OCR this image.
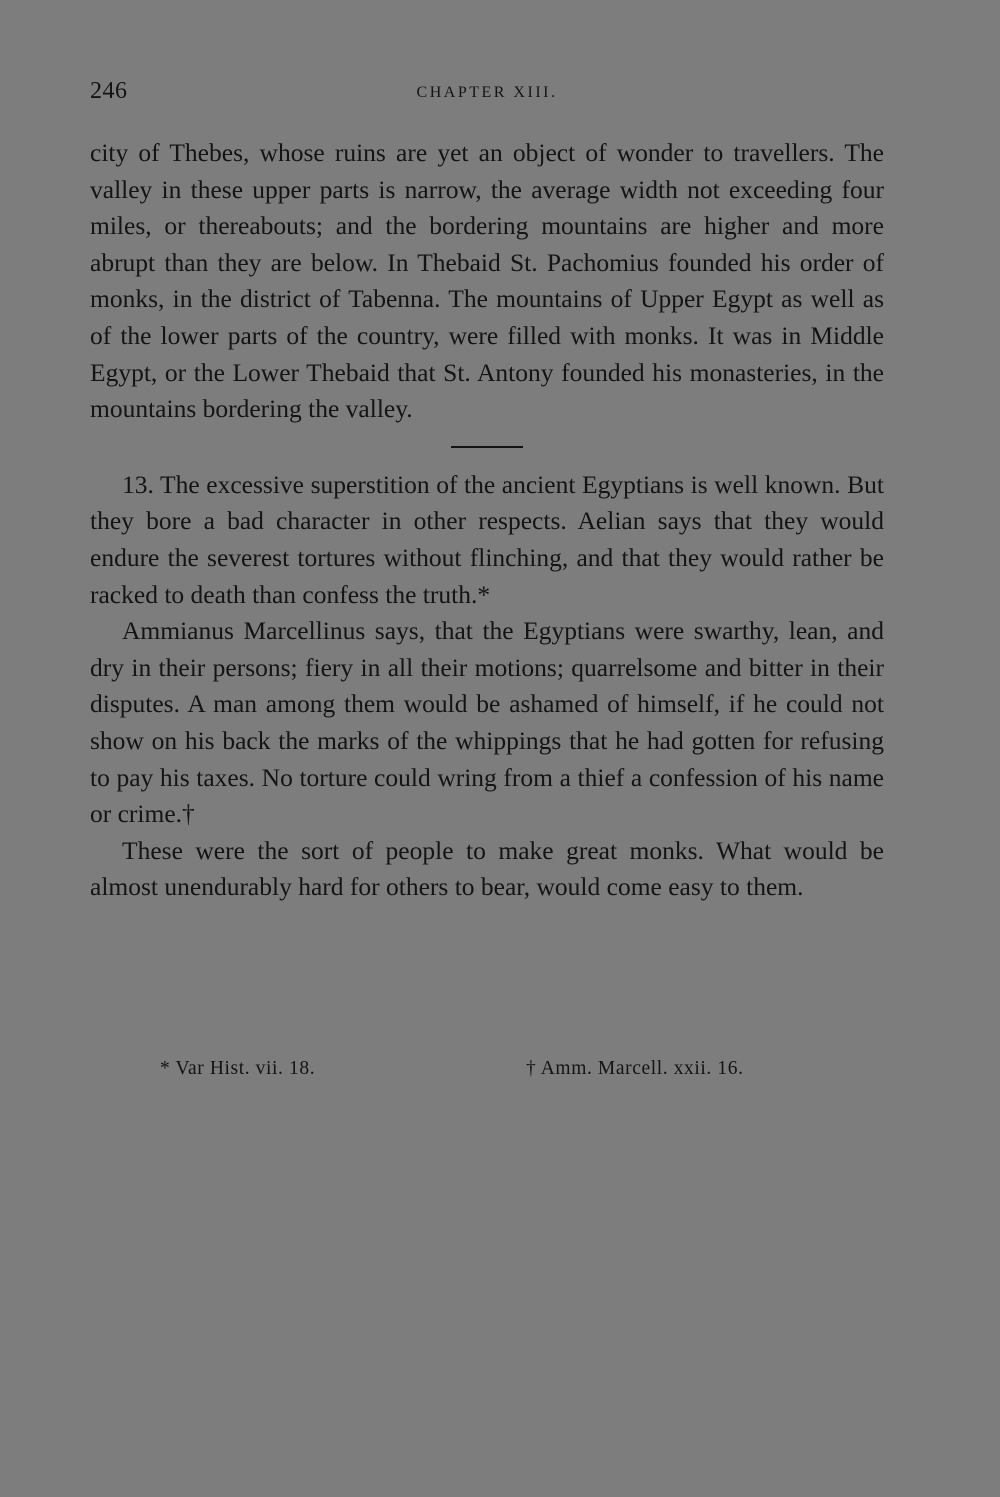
246	CHAPTER XIII.

city of Thebes, whose ruins are yet an object of wonder to travellers. The valley in these upper parts is narrow, the average width not exceeding four miles, or thereabouts; and the bordering mountains are higher and more abrupt than they are below. In Thebaid St. Pachomius founded his order of monks, in the district of Tabenna. The mountains of Upper Egypt as well as of the lower parts of the country, were filled with monks. It was in Middle Egypt, or the Lower Thebaid that St. Antony founded his monasteries, in the mountains bordering the valley.

13. The excessive superstition of the ancient Egyptians is well known. But they bore a bad character in other respects. Aelian says that they would endure the severest tortures without flinching, and that they would rather be racked to death than confess the truth.*

Ammianus Marcellinus says, that the Egyptians were swarthy, lean, and dry in their persons; fiery in all their motions; quarrelsome and bitter in their disputes. A man among them would be ashamed of himself, if he could not show on his back the marks of the whippings that he had gotten for refusing to pay his taxes. No torture could wring from a thief a confession of his name or crime.†

These were the sort of people to make great monks. What would be almost unendurably hard for others to bear, would come easy to them.

* Var Hist. vii. 18.	† Amm. Marcell. xxii. 16.
